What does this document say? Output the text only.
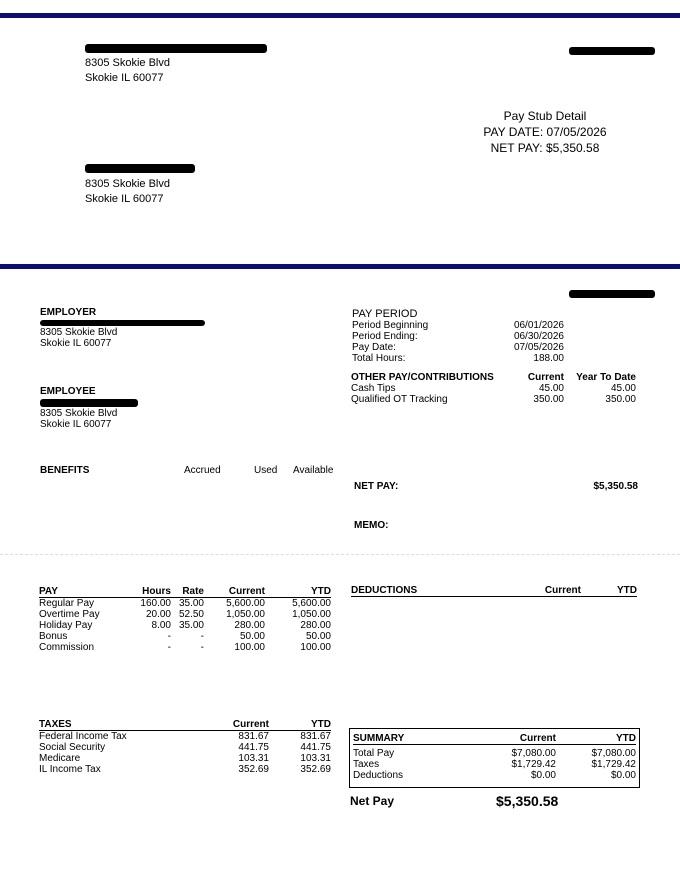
8305 Skokie Blvd
Skokie IL 60077
Pay Stub Detail
PAY DATE: 07/05/2026
NET PAY: $5,350.58
8305 Skokie Blvd
Skokie IL 60077
EMPLOYER
8305 Skokie Blvd
Skokie IL 60077
EMPLOYEE
8305 Skokie Blvd
Skokie IL 60077
PAY PERIOD
Period Beginning	06/01/2026
Period Ending:	06/30/2026
Pay Date:	07/05/2026
Total Hours:	188.00
OTHER PAY/CONTRIBUTIONS	Current	Year To Date
Cash Tips	45.00	45.00
Qualified OT Tracking	350.00	350.00
BENEFITS	Accrued	Used Available
NET PAY:	$5,350.58
MEMO:
PAY	Hours	Rate	Current	YTD
Regular Pay	160.00	35.00	5,600.00	5,600.00
Overtime Pay	20.00	52.50	1,050.00	1,050.00
Holiday Pay	8.00	35.00	280.00	280.00
Bonus	-	-	50.00	50.00
Commission	-	-	100.00	100.00
DEDUCTIONS	Current	YTD
TAXES	Current	YTD
Federal Income Tax	831.67	831.67
Social Security	441.75	441.75
Medicare	103.31	103.31
IL Income Tax	352.69	352.69
SUMMARY	Current	YTD
Total Pay	$7,080.00	$7,080.00
Taxes	$1,729.42	$1,729.42
Deductions	$0.00	$0.00
Net Pay	$5,350.58
